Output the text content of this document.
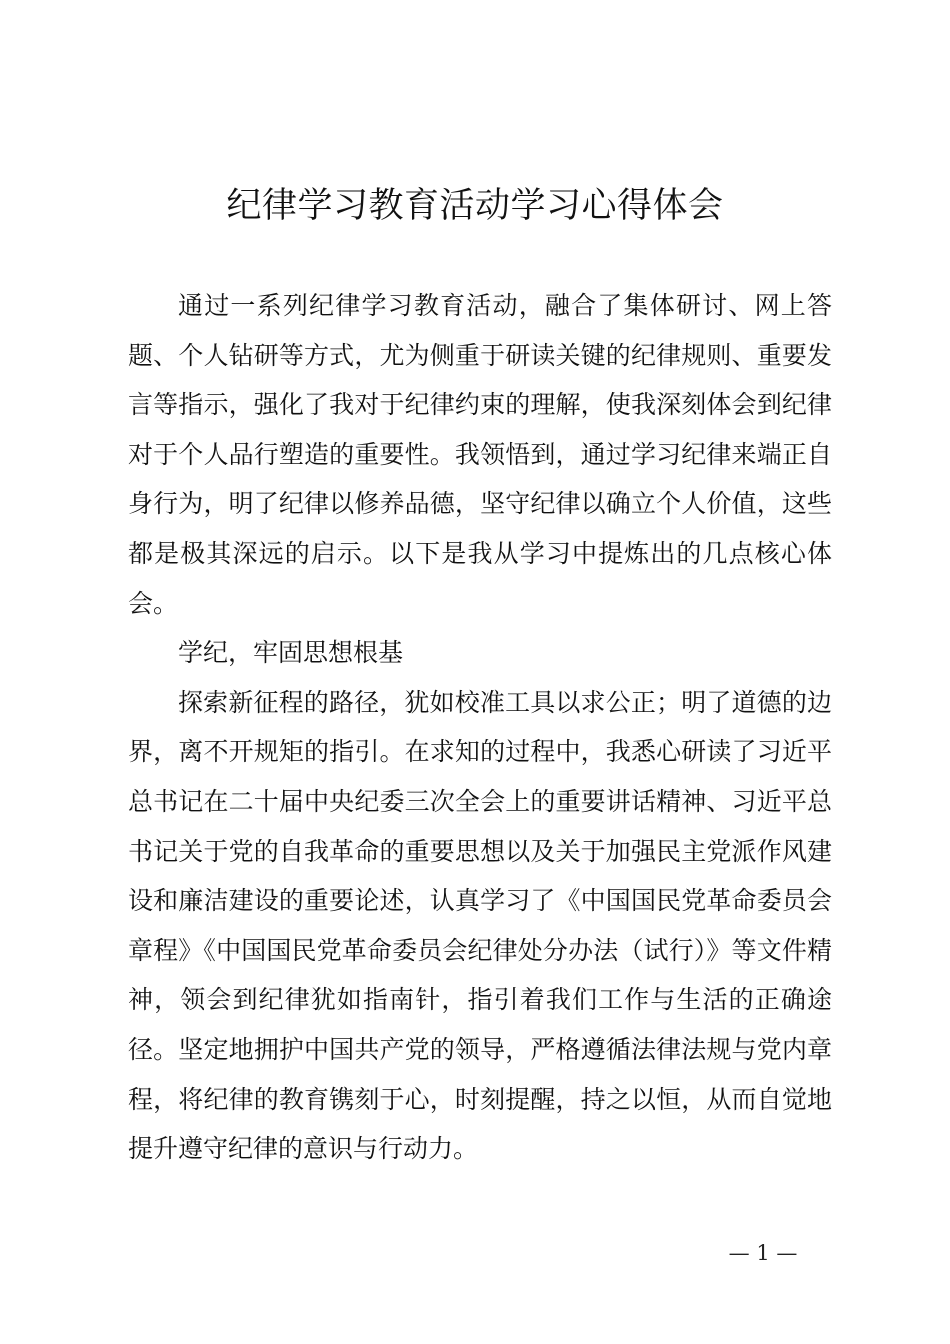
纪律学习教育活动学习心得体会

通过一系列纪律学习教育活动，融合了集体研讨、网上答题、个人钻研等方式，尤为侧重于研读关键的纪律规则、重要发言等指示，强化了我对于纪律约束的理解，使我深刻体会到纪律对于个人品行塑造的重要性。我领悟到，通过学习纪律来端正自身行为，明了纪律以修养品德，坚守纪律以确立个人价值，这些都是极其深远的启示。以下是我从学习中提炼出的几点核心体会。

学纪，牢固思想根基

探索新征程的路径，犹如校准工具以求公正；明了道德的边界，离不开规矩的指引。在求知的过程中，我悉心研读了习近平总书记在二十届中央纪委三次全会上的重要讲话精神、习近平总书记关于党的自我革命的重要思想以及关于加强民主党派作风建设和廉洁建设的重要论述，认真学习了《中国国民党革命委员会章程》《中国国民党革命委员会纪律处分办法（试行）》等文件精神，领会到纪律犹如指南针，指引着我们工作与生活的正确途径。坚定地拥护中国共产党的领导，严格遵循法律法规与党内章程，将纪律的教育镌刻于心，时刻提醒，持之以恒，从而自觉地提升遵守纪律的意识与行动力。

— 1 —
